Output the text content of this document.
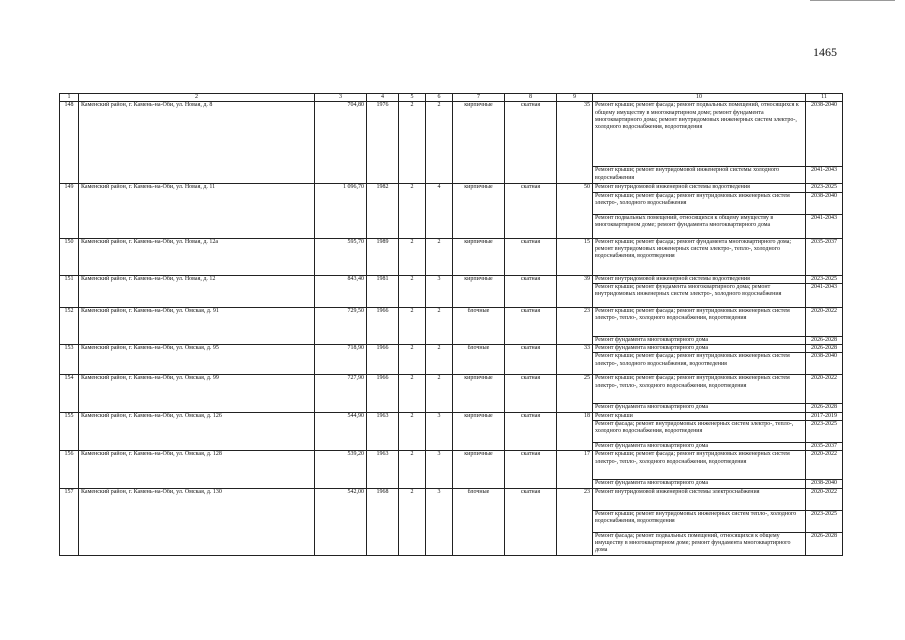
1465
1	2	3	4	5	6	7	8	9	10	11
148	Каменский район, г. Камень-на-Оби, ул. Новая, д. 8	704,80	1976	2	2	кирпичные	скатная	35	Ремонт крыши; ремонт фасада; ремонт подвальных помещений, относящихся к общему имуществу в многоквартирном доме; ремонт фундамента многоквартирного дома; ремонт внутридомовых инженерных систем электро-, холодного водоснабжения, водоотведения	2038-2040
									Ремонт крыши; ремонт внутридомовой инженерной системы холодного водоснабжения	2041-2043
149	Каменский район, г. Камень-на-Оби, ул. Новая, д. 11	1 096,70	1982	2	4	кирпичные	скатная	50	Ремонт внутридомовой инженерной системы водоотведения	2023-2025
									Ремонт крыши; ремонт фасада; ремонт внутридомовых инженерных систем электро-, холодного водоснабжения	2038-2040
									Ремонт подвальных помещений, относящихся к общему имуществу в многоквартирном доме; ремонт фундамента многоквартирного дома	2041-2043
150	Каменский район, г. Камень-на-Оби, ул. Новая, д. 12а	595,70	1989	2	2	кирпичные	скатная	15	Ремонт крыши; ремонт фасада; ремонт фундамента многоквартирного дома; ремонт внутридомовых инженерных систем электро-, тепло-, холодного водоснабжения, водоотведения	2035-2037
151	Каменский район, г. Камень-на-Оби, ул. Новая, д. 12	843,40	1981	2	3	кирпичные	скатная	39	Ремонт внутридомовой инженерной системы водоотведения	2023-2025
									Ремонт крыши; ремонт фундамента многоквартирного дома; ремонт внутридомовых инженерных систем электро-, холодного водоснабжения	2041-2043
152	Каменский район, г. Камень-на-Оби, ул. Омская, д. 91	729,50	1966	2	2	блочные	скатная	23	Ремонт крыши; ремонт фасада; ремонт внутридомовых инженерных систем электро-, тепло-, холодного водоснабжения, водоотведения	2020-2022
									Ремонт фундамента многоквартирного дома	2026-2028
153	Каменский район, г. Камень-на-Оби, ул. Омская, д. 95	718,90	1966	2	2	блочные	скатная	33	Ремонт фундамента многоквартирного дома	2026-2028
									Ремонт крыши; ремонт фасада; ремонт внутридомовых инженерных систем электро-, холодного водоснабжения, водоотведения	2038-2040
154	Каменский район, г. Камень-на-Оби, ул. Омская, д. 99	727,90	1966	2	2	кирпичные	скатная	25	Ремонт крыши; ремонт фасада; ремонт внутридомовых инженерных систем электро-, тепло-, холодного водоснабжения, водоотведения	2020-2022
									Ремонт фундамента многоквартирного дома	2026-2028
155	Каменский район, г. Камень-на-Оби, ул. Омская, д. 126	544,90	1963	2	3	кирпичные	скатная	18	Ремонт крыши	2017-2019
									Ремонт фасада; ремонт внутридомовых инженерных систем электро-, тепло-, холодного водоснабжения, водоотведения	2023-2025
									Ремонт фундамента многоквартирного дома	2035-2037
156	Каменский район, г. Камень-на-Оби, ул. Омская, д. 128	539,20	1963	2	3	кирпичные	скатная	17	Ремонт крыши; ремонт фасада; ремонт внутридомовых инженерных систем электро-, тепло-, холодного водоснабжения, водоотведения	2020-2022
									Ремонт фундамента многоквартирного дома	2038-2040
157	Каменский район, г. Камень-на-Оби, ул. Омская, д. 130	542,00	1968	2	3	блочные	скатная	23	Ремонт внутридомовой инженерной системы электроснабжения	2020-2022
									Ремонт крыши; ремонт внутридомовых инженерных систем тепло-, холодного водоснабжения, водоотведения	2023-2025
									Ремонт фасада; ремонт подвальных помещений, относящихся к общему имуществу в многоквартирном доме; ремонт фундамента многоквартирного дома	2026-2028
